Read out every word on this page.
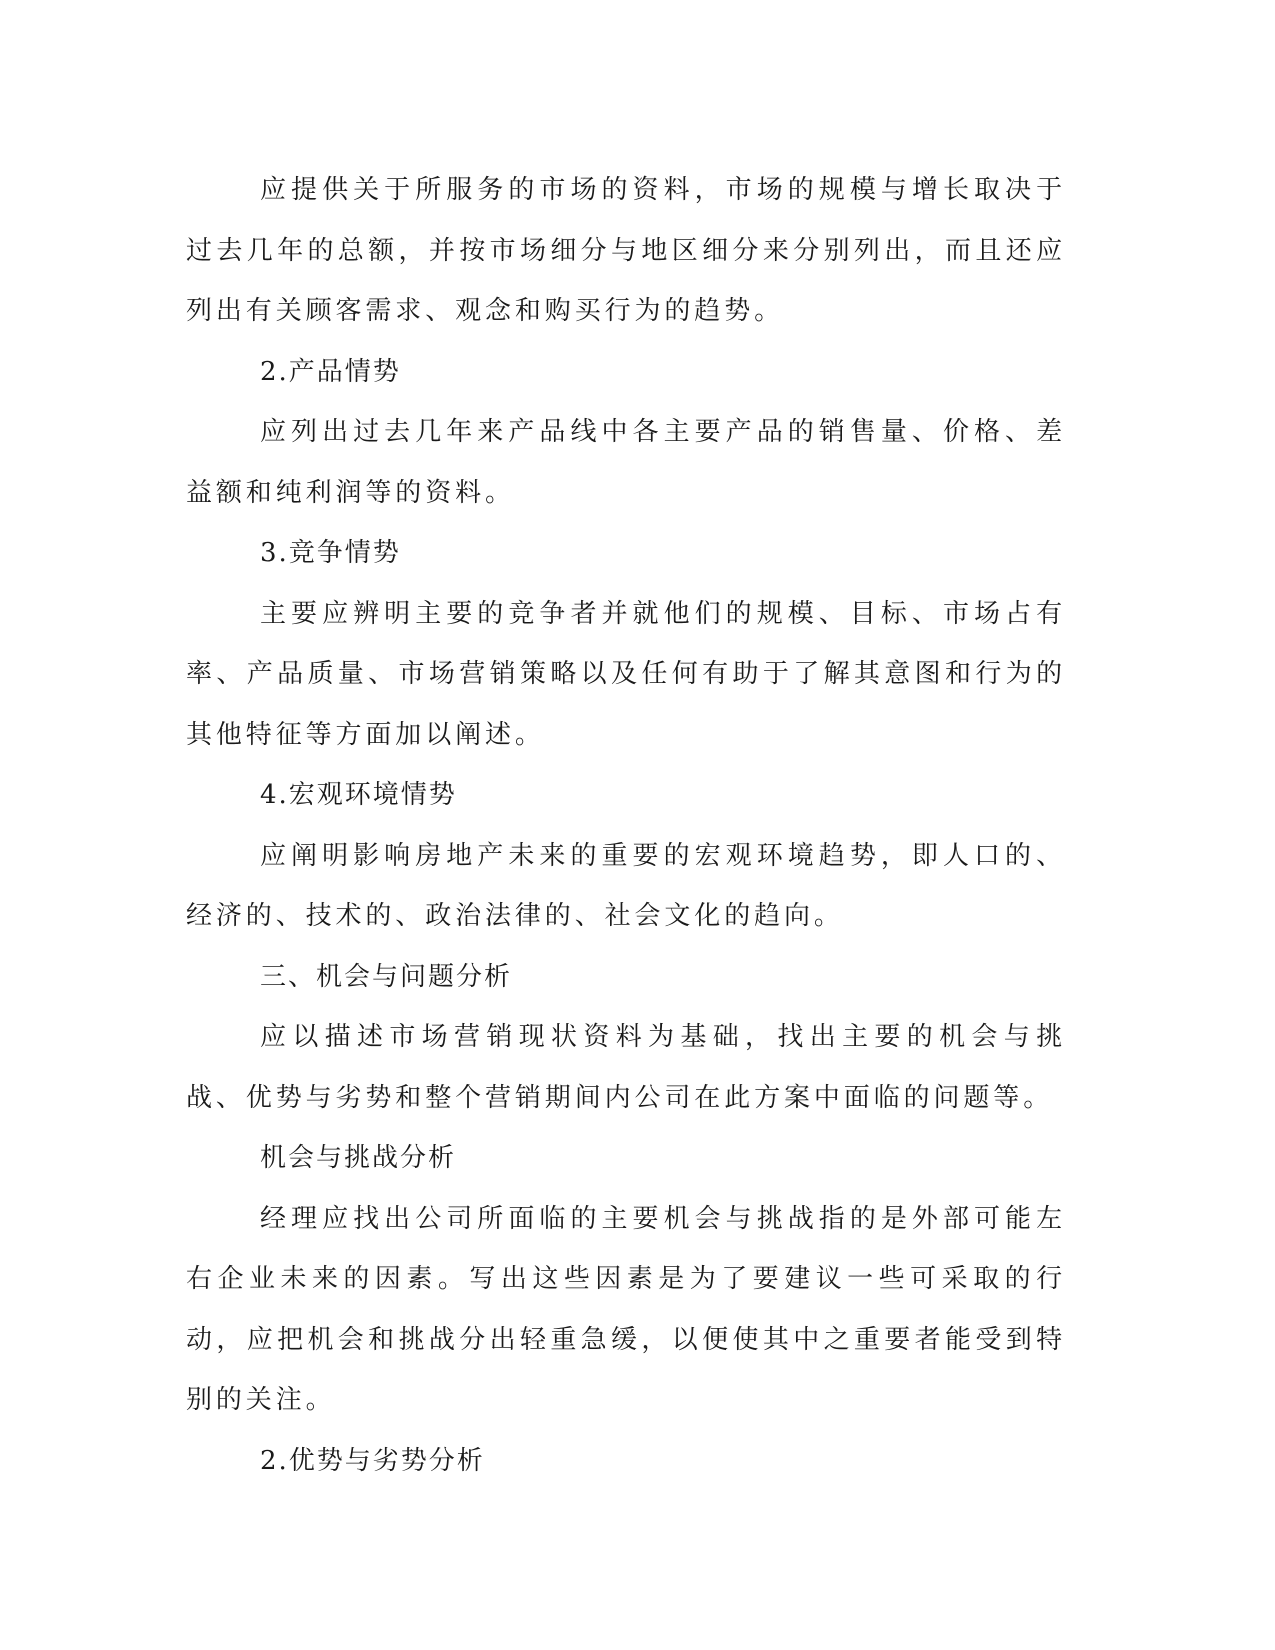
应提供关于所服务的市场的资料，市场的规模与增长取决于过去几年的总额，并按市场细分与地区细分来分别列出，而且还应列出有关顾客需求、观念和购买行为的趋势。

2.产品情势

应列出过去几年来产品线中各主要产品的销售量、价格、差益额和纯利润等的资料。

3.竞争情势

主要应辨明主要的竞争者并就他们的规模、目标、市场占有率、产品质量、市场营销策略以及任何有助于了解其意图和行为的其他特征等方面加以阐述。

4.宏观环境情势

应阐明影响房地产未来的重要的宏观环境趋势，即人口的、经济的、技术的、政治法律的、社会文化的趋向。

三、机会与问题分析

应以描述市场营销现状资料为基础，找出主要的机会与挑战、优势与劣势和整个营销期间内公司在此方案中面临的问题等。

机会与挑战分析

经理应找出公司所面临的主要机会与挑战指的是外部可能左右企业未来的因素。写出这些因素是为了要建议一些可采取的行动，应把机会和挑战分出轻重急缓，以便使其中之重要者能受到特别的关注。

2.优势与劣势分析
